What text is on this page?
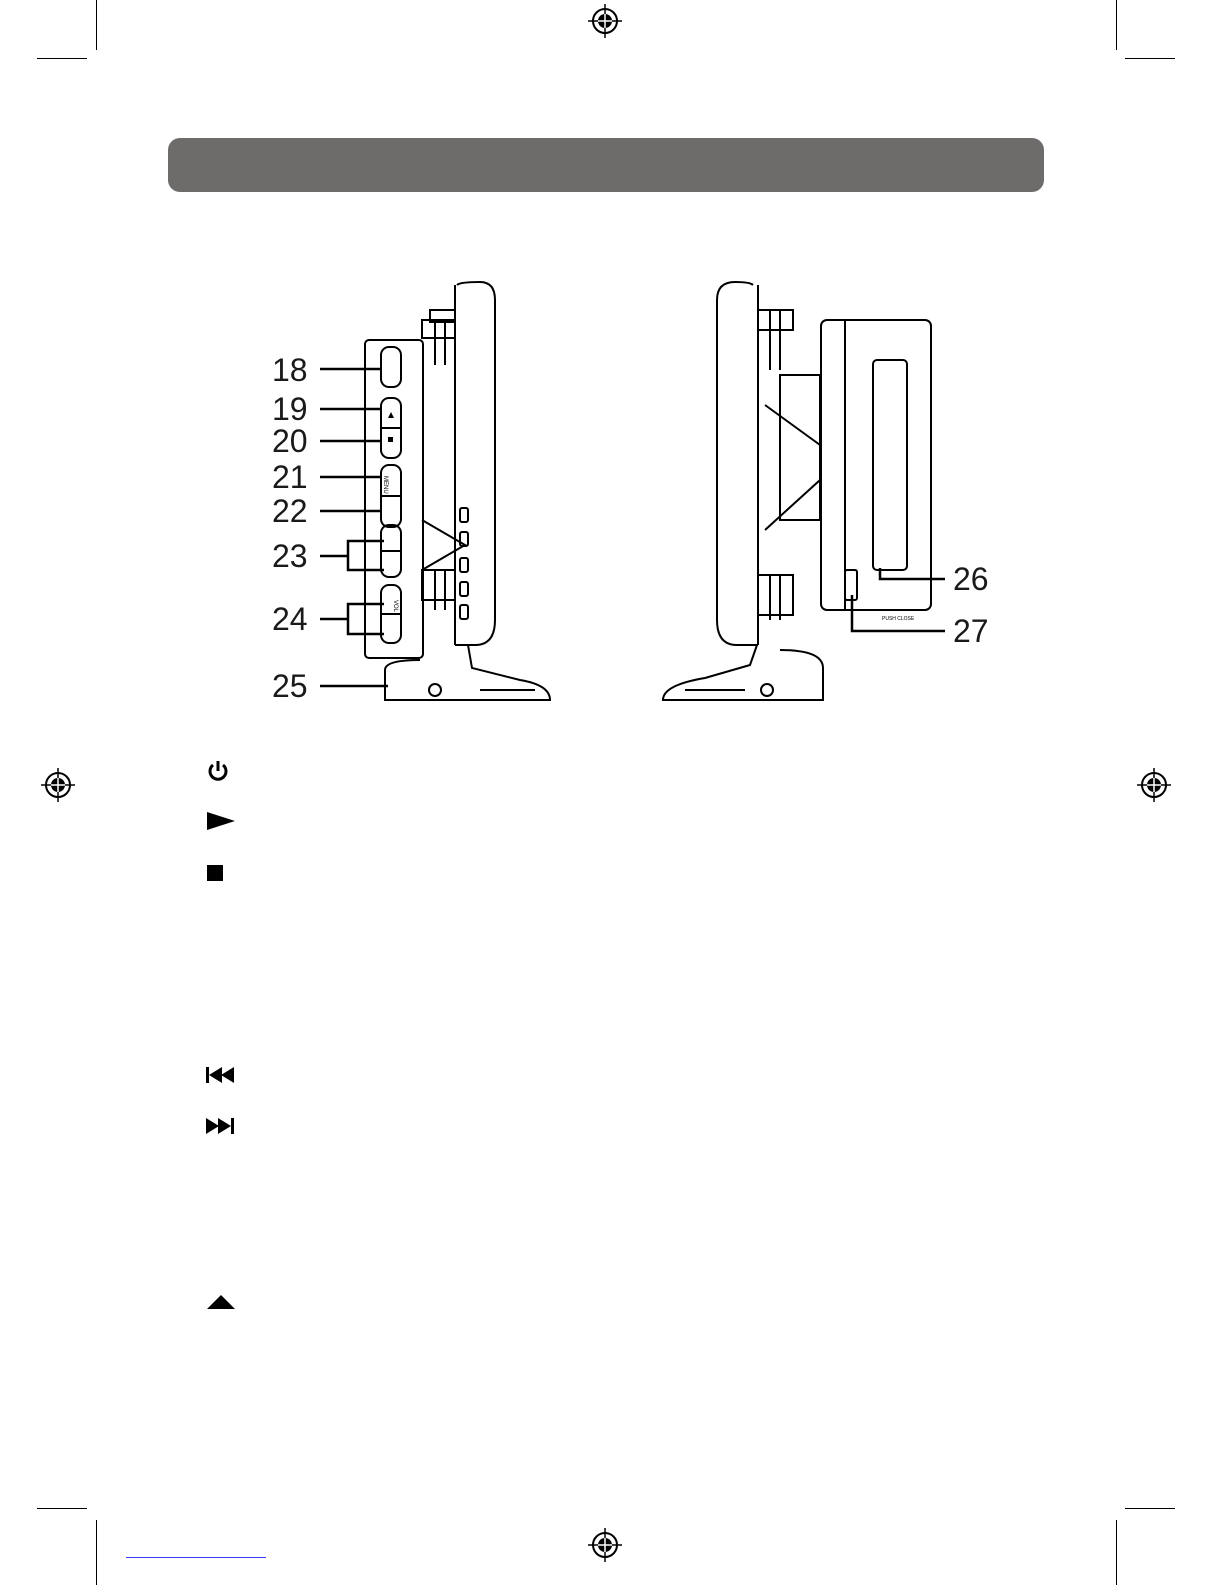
18
19
20
21
22
23
24
25
26
27
MENU
VOL
PUSH CLOSE
